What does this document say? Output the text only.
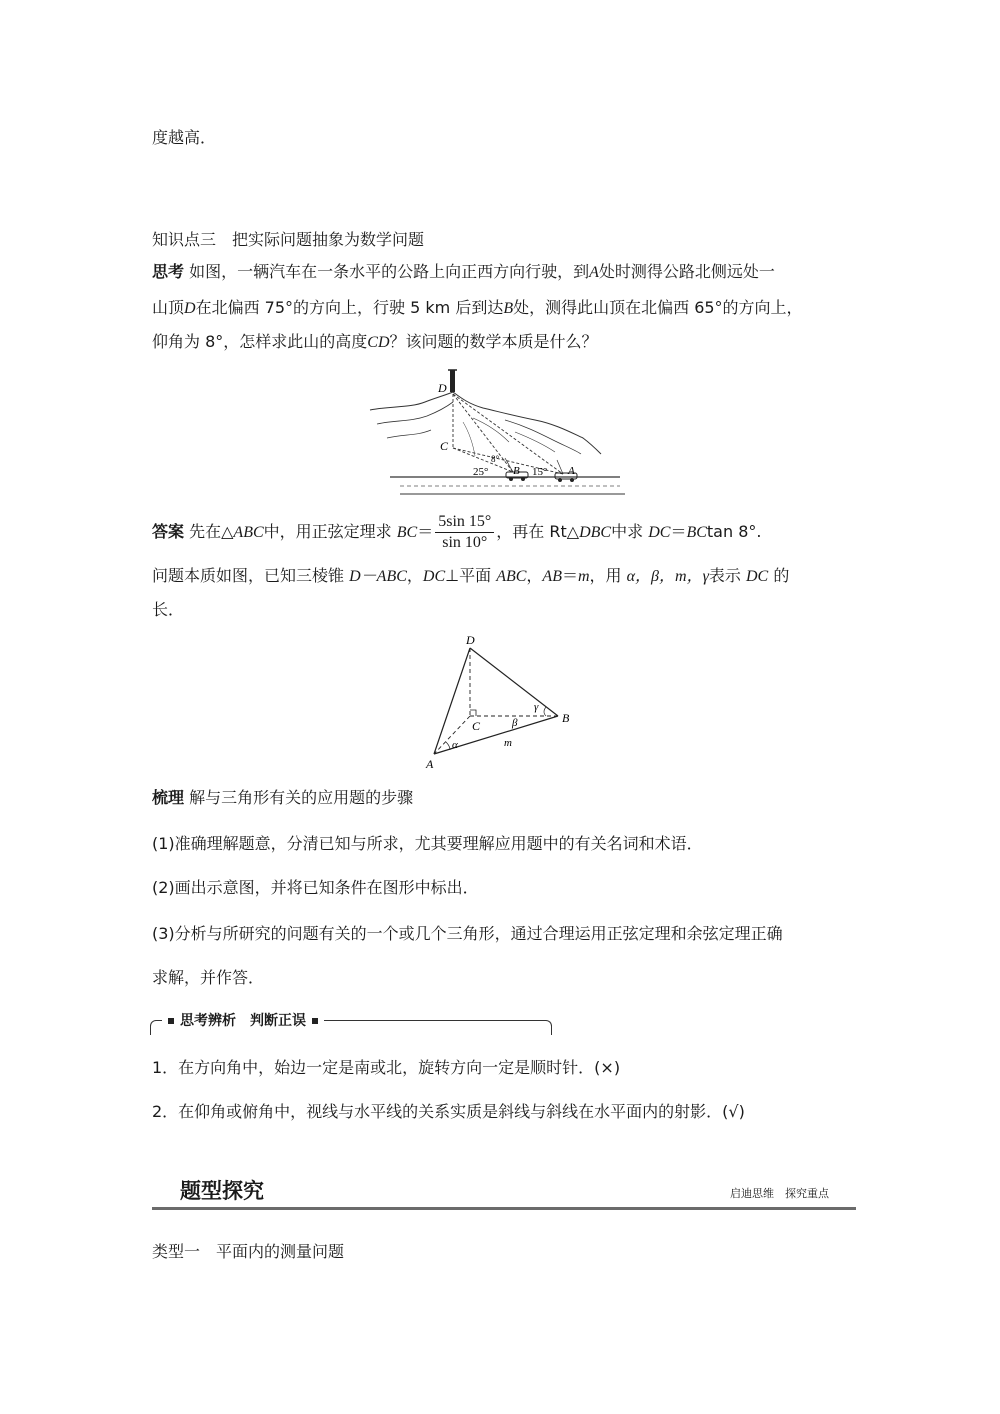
度越高．
知识点三　把实际问题抽象为数学问题
思考 如图，一辆汽车在一条水平的公路上向正西方向行驶，到A处时测得公路北侧远处一
山顶D在北偏西 75°的方向上，行驶 5 km 后到达B处，测得此山顶在北偏西 65°的方向上，
仰角为 8°，怎样求此山的高度CD？该问题的数学本质是什么？
D
C
B	A
8°
25°	15°
答案 先在△ABC中，用正弦定理求 $BC= \frac{5\sin 15^\circ}{\sin 10^\circ}$ ，再在 Rt△DBC中求 DC＝BCtan 8°.
问题本质如图，已知三棱锥 D－ABC，DC⊥平面 ABC，AB＝m，用 α，β，m，γ表示 DC 的
长．
D
A
B
C
α
β
γ
m
梳理 解与三角形有关的应用题的步骤
(1)准确理解题意，分清已知与所求，尤其要理解应用题中的有关名词和术语．
(2)画出示意图，并将已知条件在图形中标出．
(3)分析与所研究的问题有关的一个或几个三角形，通过合理运用正弦定理和余弦定理正确
求解，并作答．
思考辨析　判断正误
1．在方向角中，始边一定是南或北，旋转方向一定是顺时针．(×)
2．在仰角或俯角中，视线与水平线的关系实质是斜线与斜线在水平面内的射影．(√)
题型探究	启迪思维　探究重点
类型一　平面内的测量问题
